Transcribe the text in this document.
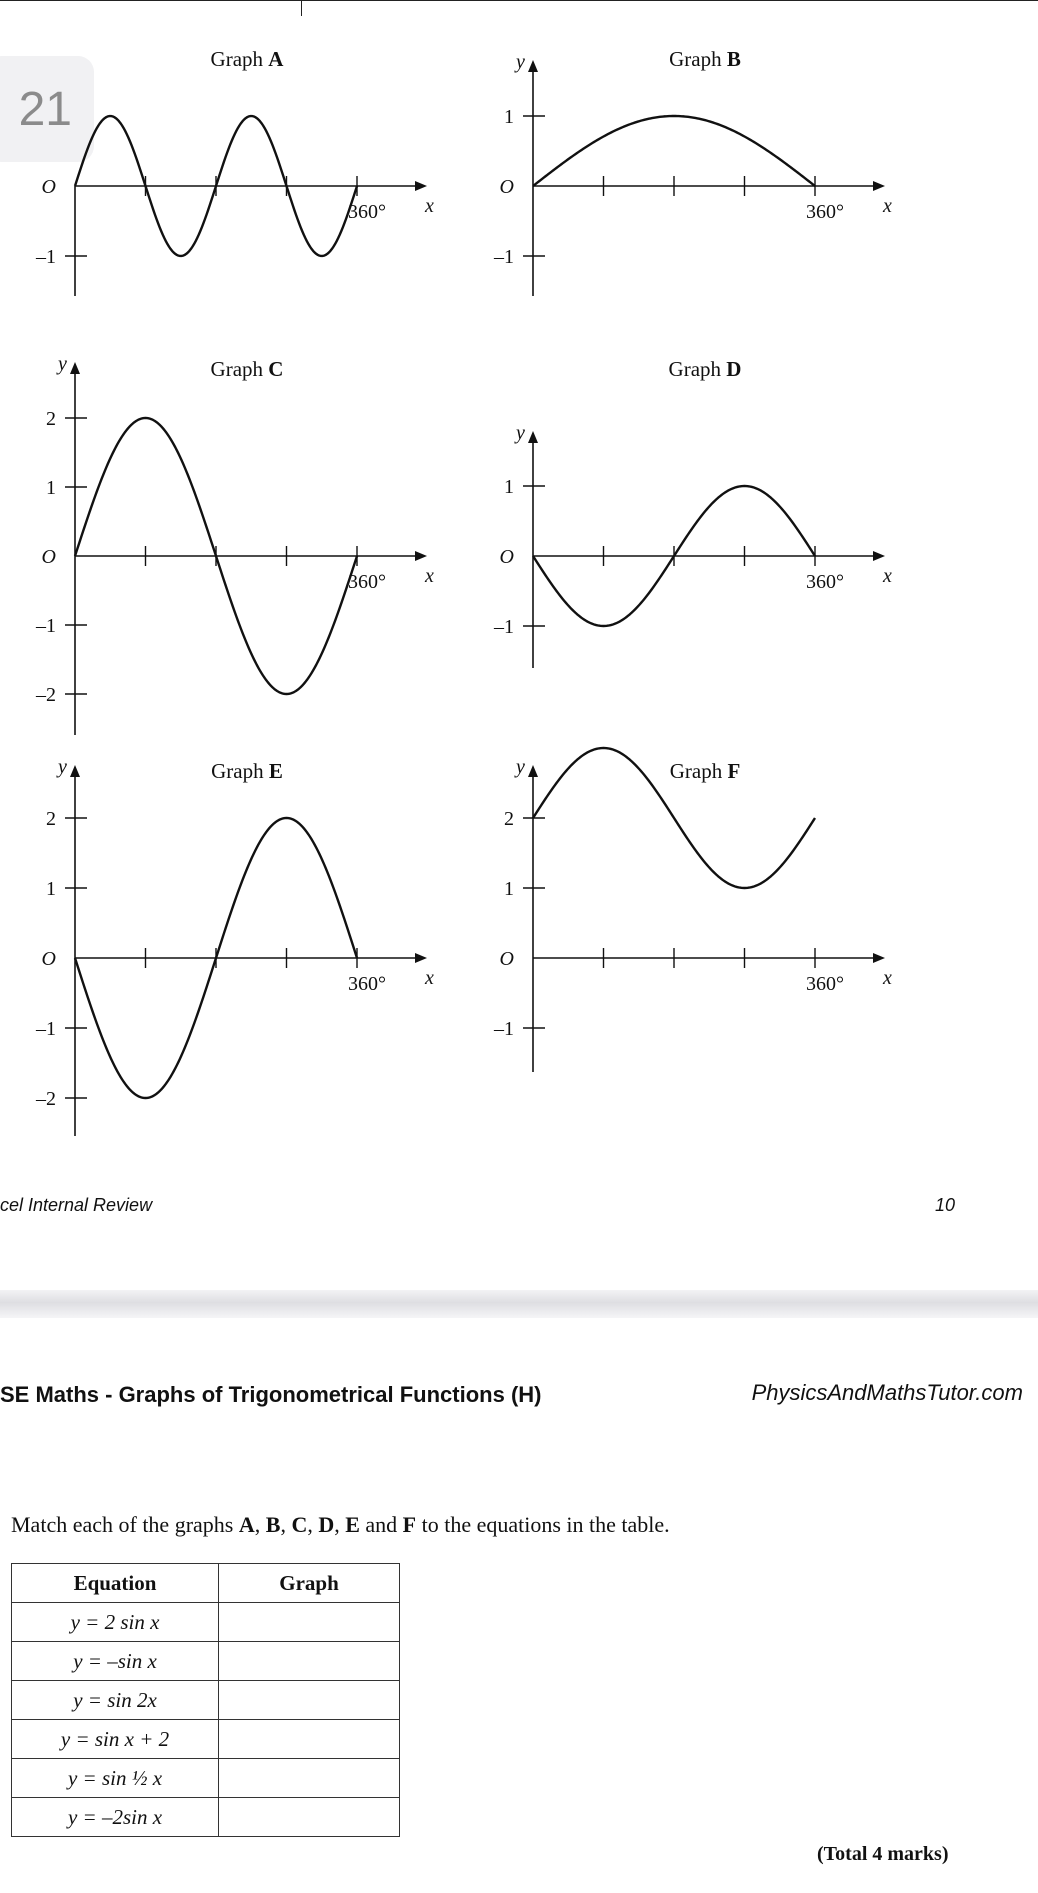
Graph A
360° x
O
–1
Graph B
360° x
y
1
O
–1
Graph C
360° x
y
2
1
O
–1
–2
Graph D
360° x
y
1
O
–1
Graph E
360° x
y
2
1
O
–1
–2
Graph F
360° x
y
2
1
O
–1
21
cel Internal Review	10
SE Maths - Graphs of Trigonometrical Functions (H)	PhysicsAndMathsTutor.com
Match each of the graphs A, B, C, D, E and F to the equations in the table.
Equation	Graph
y = 2 sin x	
y = –sin x	
y = sin 2x	
y = sin x + 2	
y = sin ½ x	
y = –2sin x	
(Total 4 marks)
